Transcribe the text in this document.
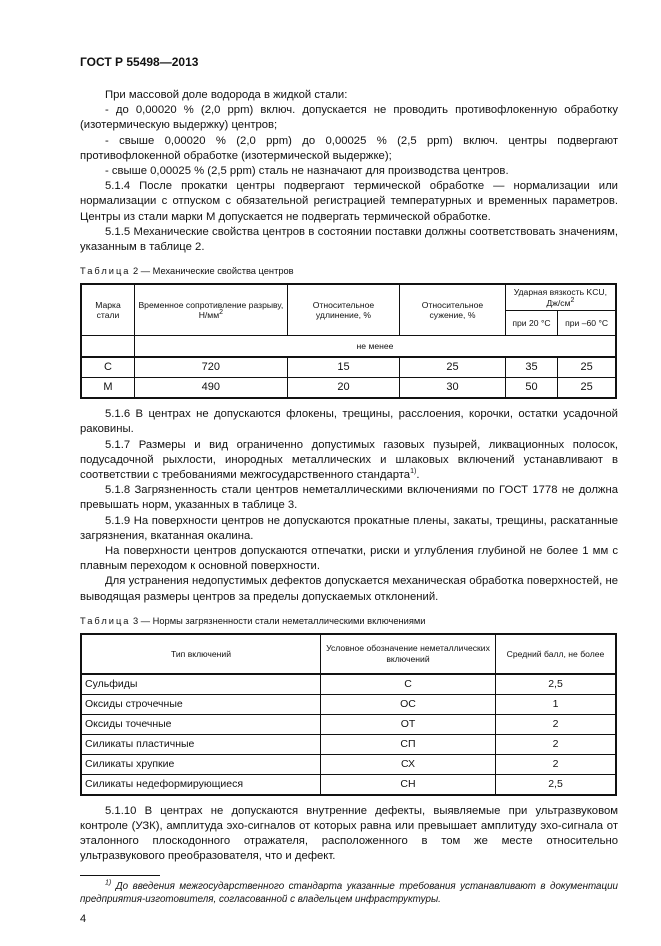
ГОСТ Р 55498—2013

При массовой доле водорода в жидкой стали:

- до 0,00020 % (2,0 ppm) включ. допускается не проводить противофлокенную обработку (изотермическую выдержку) центров;

- свыше 0,00020 % (2,0 ppm) до 0,00025 % (2,5 ppm) включ. центры подвергают противофлокенной обработке (изотермической выдержке);

- свыше 0,00025 % (2,5 ppm) сталь не назначают для производства центров.

5.1.4 После прокатки центры подвергают термической обработке — нормализации или нормализации с отпуском с обязательной регистрацией температурных и временных параметров. Центры из стали марки М допускается не подвергать термической обработке.

5.1.5 Механические свойства центров в состоянии поставки должны соответствовать значениям, указанным в таблице 2.

Таблица 2 — Механические свойства центров
Марка стали	Временное сопротивление разрыву, $Н/мм^2$	Относительное удлинение, %	Относительное сужение, %	Ударная вязкость KCU, $Дж/см^2$
				при 20 °С	при –60 °С
	не менее				
С	720	15	25	35	25
М	490	20	30	50	25

5.1.6 В центрах не допускаются флокены, трещины, расслоения, корочки, остатки усадочной раковины.

5.1.7 Размеры и вид ограниченно допустимых газовых пузырей, ликвационных полосок, подусадочной рыхлости, инородных металлических и шлаковых включений устанавливают в соответствии с требованиями межгосударственного стандарта$^{1)}$.

5.1.8 Загрязненность стали центров неметаллическими включениями по ГОСТ 1778 не должна превышать норм, указанных в таблице 3.

5.1.9 На поверхности центров не допускаются прокатные плены, закаты, трещины, раскатанные загрязнения, вкатанная окалина.

На поверхности центров допускаются отпечатки, риски и углубления глубиной не более 1 мм с плавным переходом к основной поверхности.

Для устранения недопустимых дефектов допускается механическая обработка поверхностей, не выводящая размеры центров за пределы допускаемых отклонений.

Таблица 3 — Нормы загрязненности стали неметаллическими включениями
Тип включений	Условное обозначение неметаллических включений	Средний балл, не более
Сульфиды	С	2,5
Оксиды строчечные	ОС	1
Оксиды точечные	ОТ	2
Силикаты пластичные	СП	2
Силикаты хрупкие	СХ	2
Силикаты недеформирующиеся	СН	2,5

5.1.10 В центрах не допускаются внутренние дефекты, выявляемые при ультразвуковом контроле (УЗК), амплитуда эхо-сигналов от которых равна или превышает амплитуду эхо-сигнала от эталонного плоскодонного отражателя, расположенного в том же месте относительно ультразвукового преобразователя, что и дефект.

$^{1)}$ До введения межгосударственного стандарта указанные требования устанавливают в документации предприятия-изготовителя, согласованной с владельцем инфраструктуры.
4
